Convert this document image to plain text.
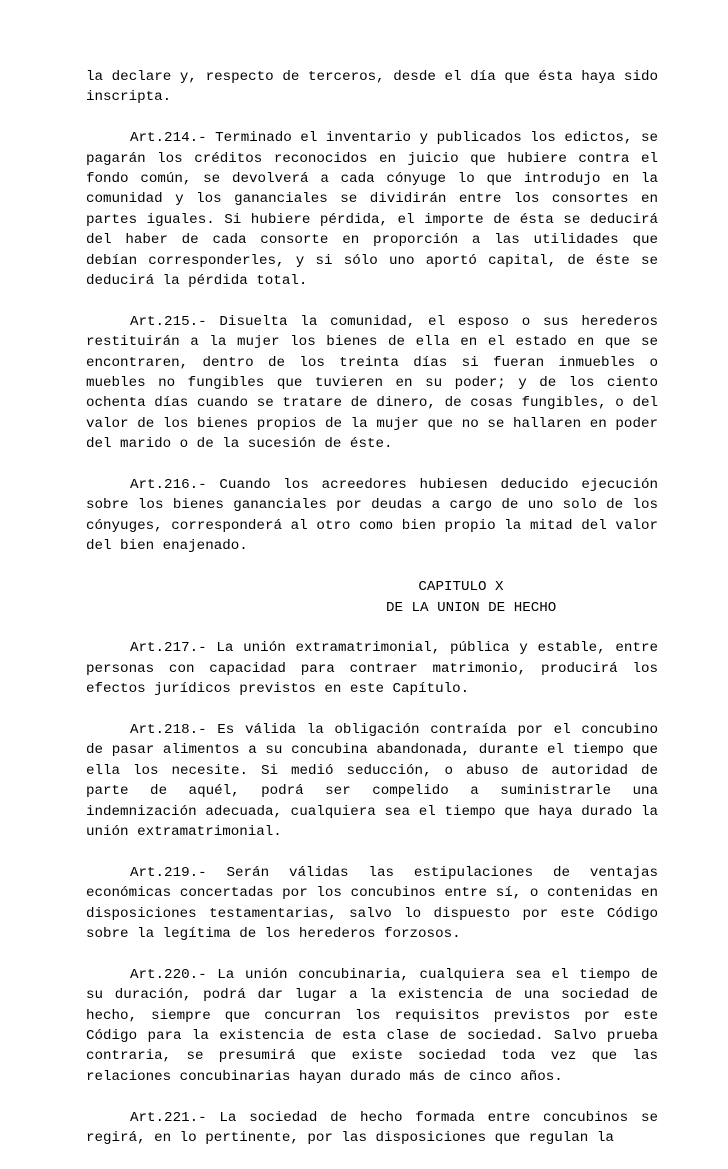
la declare y, respecto de terceros, desde el día que ésta haya sido inscripta.

Art.214.- Terminado el inventario y publicados los edictos, se pagarán los créditos reconocidos en juicio que hubiere contra el fondo común, se devolverá a cada cónyuge lo que introdujo en la comunidad y los gananciales se dividirán entre los consortes en partes iguales. Si hubiere pérdida, el importe de ésta se deducirá del haber de cada consorte en proporción a las utilidades que debían corresponderles, y si sólo uno aportó capital, de éste se deducirá la pérdida total.

Art.215.- Disuelta la comunidad, el esposo o sus herederos restituirán a la mujer los bienes de ella en el estado en que se encontraren, dentro de los treinta días si fueran inmuebles o muebles no fungibles que tuvieren en su poder; y de los ciento ochenta días cuando se tratare de dinero, de cosas fungibles, o del valor de los bienes propios de la mujer que no se hallaren en poder del marido o de la sucesión de éste.

Art.216.- Cuando los acreedores hubiesen deducido ejecución sobre los bienes gananciales por deudas a cargo de uno solo de los cónyuges, corresponderá al otro como bien propio la mitad del valor del bien enajenado.

CAPITULO X
DE LA UNION DE HECHO

Art.217.- La unión extramatrimonial, pública y estable, entre personas con capacidad para contraer matrimonio, producirá los efectos jurídicos previstos en este Capítulo.

Art.218.- Es válida la obligación contraída por el concubino de pasar alimentos a su concubina abandonada, durante el tiempo que ella los necesite. Si medió seducción, o abuso de autoridad de parte de aquél, podrá ser compelido a suministrarle una indemnización adecuada, cualquiera sea el tiempo que haya durado la unión extramatrimonial.

Art.219.- Serán válidas las estipulaciones de ventajas económicas concertadas por los concubinos entre sí, o contenidas en disposiciones testamentarias, salvo lo dispuesto por este Código sobre la legítima de los herederos forzosos.

Art.220.- La unión concubinaria, cualquiera sea el tiempo de su duración, podrá dar lugar a la existencia de una sociedad de hecho, siempre que concurran los requisitos previstos por este Código para la existencia de esta clase de sociedad. Salvo prueba contraria, se presumirá que existe sociedad toda vez que las relaciones concubinarias hayan durado más de cinco años.

Art.221.- La sociedad de hecho formada entre concubinos se regirá, en lo pertinente, por las disposiciones que regulan la
